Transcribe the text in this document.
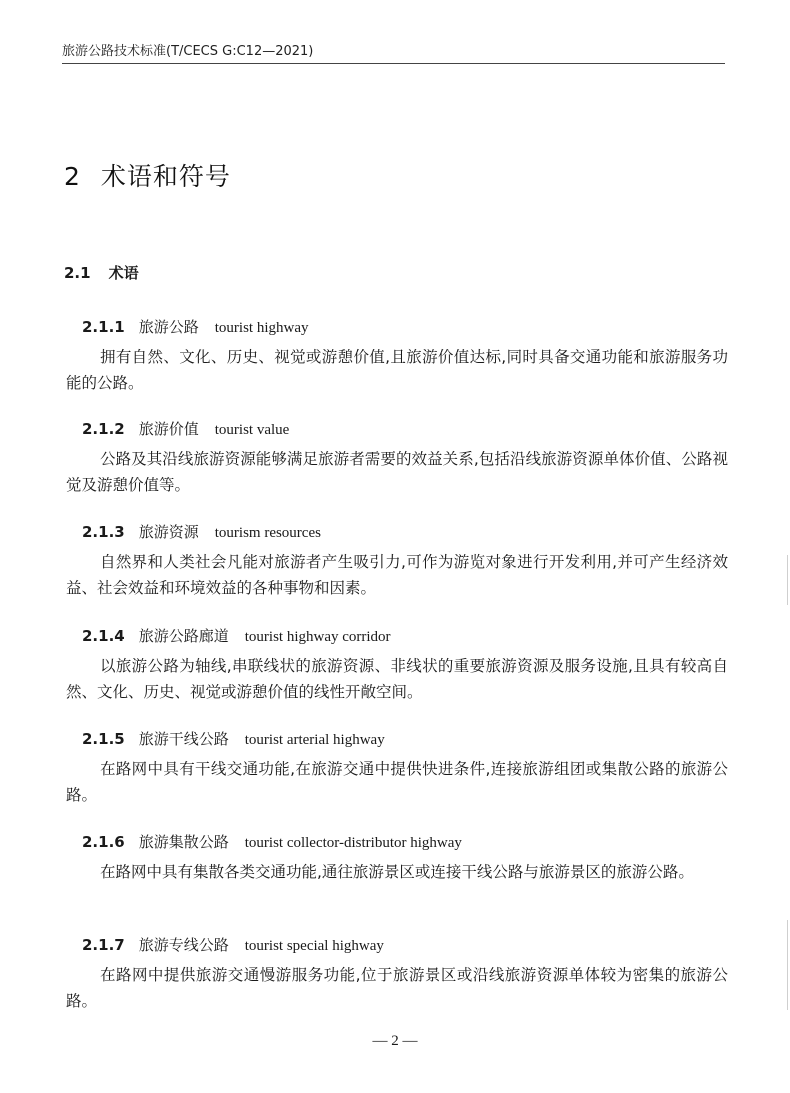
旅游公路技术标准(T/CECS G:C12—2021)
2 术语和符号
2.1 术语
2.1.1 旅游公路 tourist highway
拥有自然、文化、历史、视觉或游憩价值,且旅游价值达标,同时具备交通功能和旅游服务功能的公路。
2.1.2 旅游价值 tourist value
公路及其沿线旅游资源能够满足旅游者需要的效益关系,包括沿线旅游资源单体价值、公路视觉及游憩价值等。
2.1.3 旅游资源 tourism resources
自然界和人类社会凡能对旅游者产生吸引力,可作为游览对象进行开发利用,并可产生经济效益、社会效益和环境效益的各种事物和因素。
2.1.4 旅游公路廊道 tourist highway corridor
以旅游公路为轴线,串联线状的旅游资源、非线状的重要旅游资源及服务设施,且具有较高自然、文化、历史、视觉或游憩价值的线性开敞空间。
2.1.5 旅游干线公路 tourist arterial highway
在路网中具有干线交通功能,在旅游交通中提供快进条件,连接旅游组团或集散公路的旅游公路。
2.1.6 旅游集散公路 tourist collector-distributor highway
在路网中具有集散各类交通功能,通往旅游景区或连接干线公路与旅游景区的旅游公路。
2.1.7 旅游专线公路 tourist special highway
在路网中提供旅游交通慢游服务功能,位于旅游景区或沿线旅游资源单体较为密集的旅游公路。
— 2 —
